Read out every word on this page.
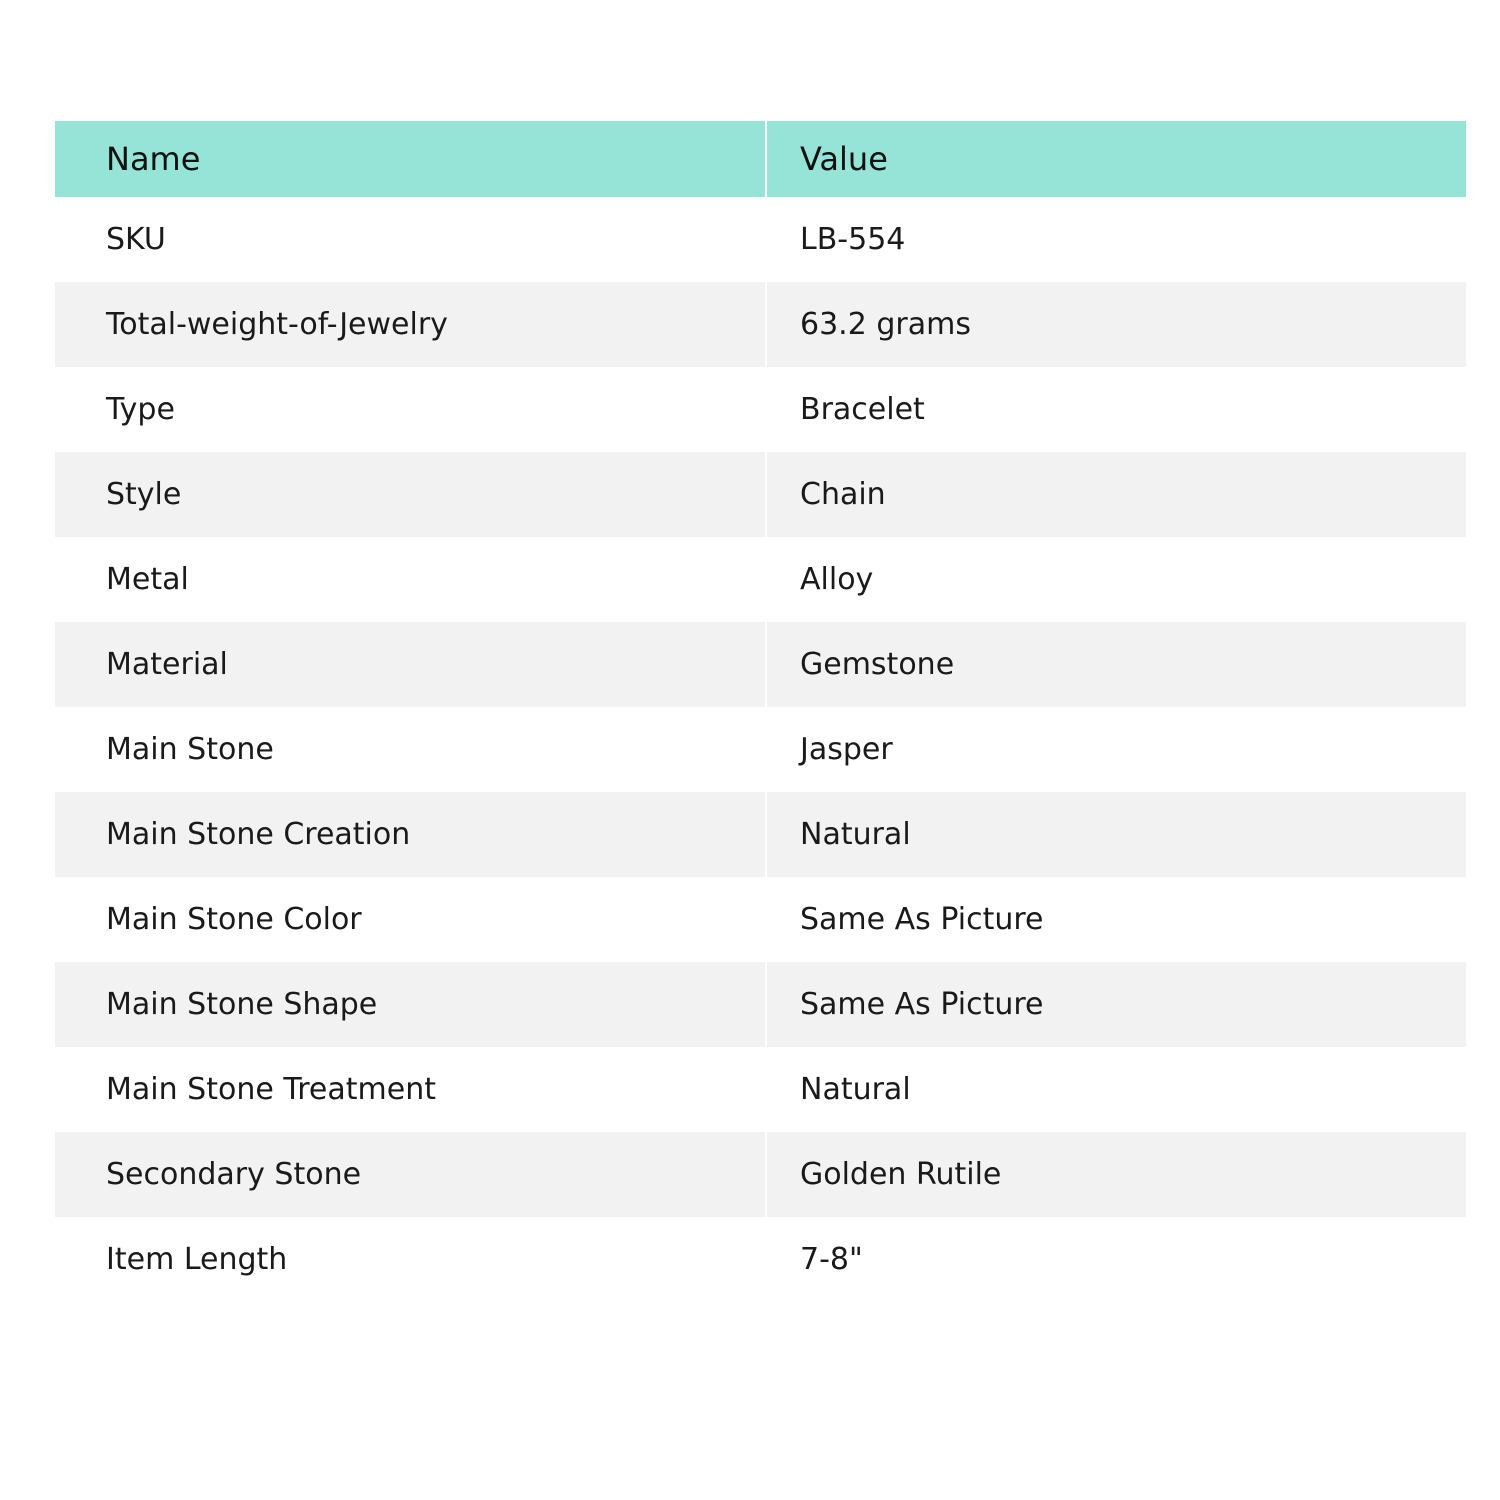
Name	Value
SKU	LB-554
Total-weight-of-Jewelry	63.2 grams
Type	Bracelet
Style	Chain
Metal	Alloy
Material	Gemstone
Main Stone	Jasper
Main Stone Creation	Natural
Main Stone Color	Same As Picture
Main Stone Shape	Same As Picture
Main Stone Treatment	Natural
Secondary Stone	Golden Rutile
Item Length	7-8"
